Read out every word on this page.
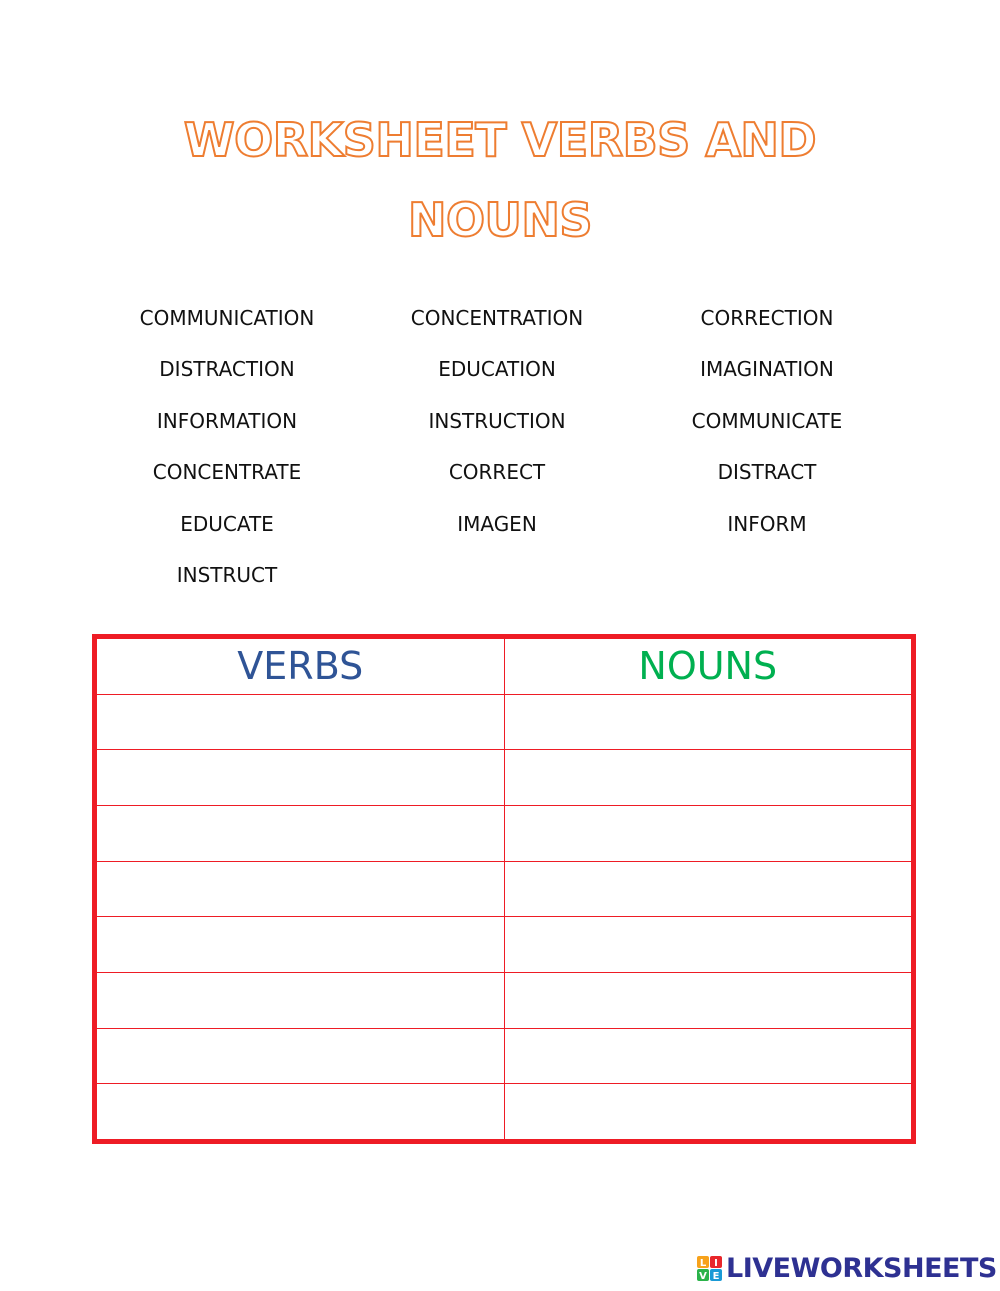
WORKSHEET VERBS AND
NOUNS
COMMUNICATION	CONCENTRATION	CORRECTION
DISTRACTION	EDUCATION	IMAGINATION
INFORMATION	INSTRUCTION	COMMUNICATE
CONCENTRATE	CORRECT	DISTRACT
EDUCATE	IMAGEN	INFORM
INSTRUCT
VERBS	NOUNS

L I
V E LIVEWORKSHEETS
